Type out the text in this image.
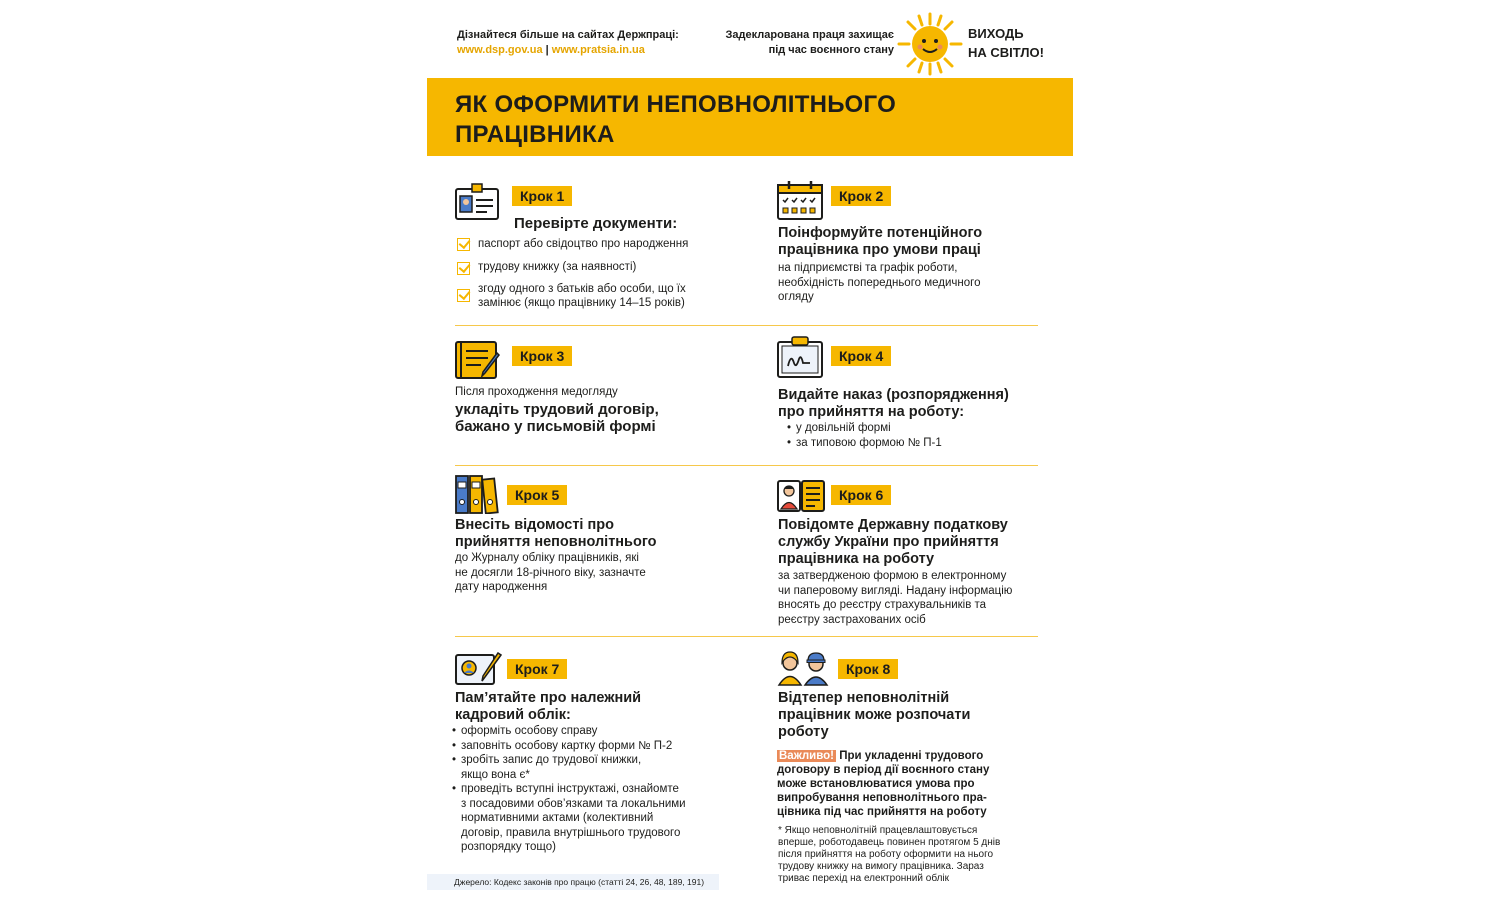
Дізнайтеся більше на сайтах Держпраці:
www.dsp.gov.ua | www.pratsia.in.ua
Задекларована праця захищає
під час воєнного стану
ВИХОДЬ
НА СВІТЛО!
ЯК ОФОРМИТИ НЕПОВНОЛІТНЬОГО
ПРАЦІВНИКА
Крок 1
Перевірте документи:
паспорт або свідоцтво про народження
трудову книжку (за наявності)
згоду одного з батьків або особи, що їх
замінює (якщо працівнику 14–15 років)
Крок 2
Поінформуйте потенційного
працівника про умови праці
на підприємстві та графік роботи,
необхідність попереднього медичного
огляду
Крок 3
Після проходження медогляду
укладіть трудовий договір,
бажано у письмовій формі
Крок 4
Видайте наказ (розпорядження)
про прийняття на роботу:
• у довільній формі
• за типовою формою № П-1
Крок 5
Внесіть відомості про
прийняття неповнолітнього
до Журналу обліку працівників, які
не досягли 18-річного віку, зазначте
дату народження
Крок 6
Повідомте Державну податкову
службу України про прийняття
працівника на роботу
за затвердженою формою в електронному
чи паперовому вигляді. Надану інформацію
вносять до реєстру страхувальників та
реєстру застрахованих осіб
Крок 7
Пам’ятайте про належний
кадровий облік:
• оформіть особову справу
• заповніть особову картку форми № П-2
• зробіть запис до трудової книжки,
якщо вона є*
• проведіть вступні інструктажі, ознайомте
з посадовими обов’язками та локальними
нормативними актами (колективний
договір, правила внутрішнього трудового
розпорядку тощо)
Крок 8
Відтепер неповнолітній
працівник може розпочати
роботу
Важливо! При укладенні трудового
договору в період дії воєнного стану
може встановлюватися умова про
випробування неповнолітнього пра-
цівника під час прийняття на роботу
* Якщо неповнолітній працевлаштовується
вперше, роботодавець повинен протягом 5 днів
після прийняття на роботу оформити на нього
трудову книжку на вимогу працівника. Зараз
триває перехід на електронний облік
Джерело: Кодекс законів про працю (статті 24, 26, 48, 189, 191)
